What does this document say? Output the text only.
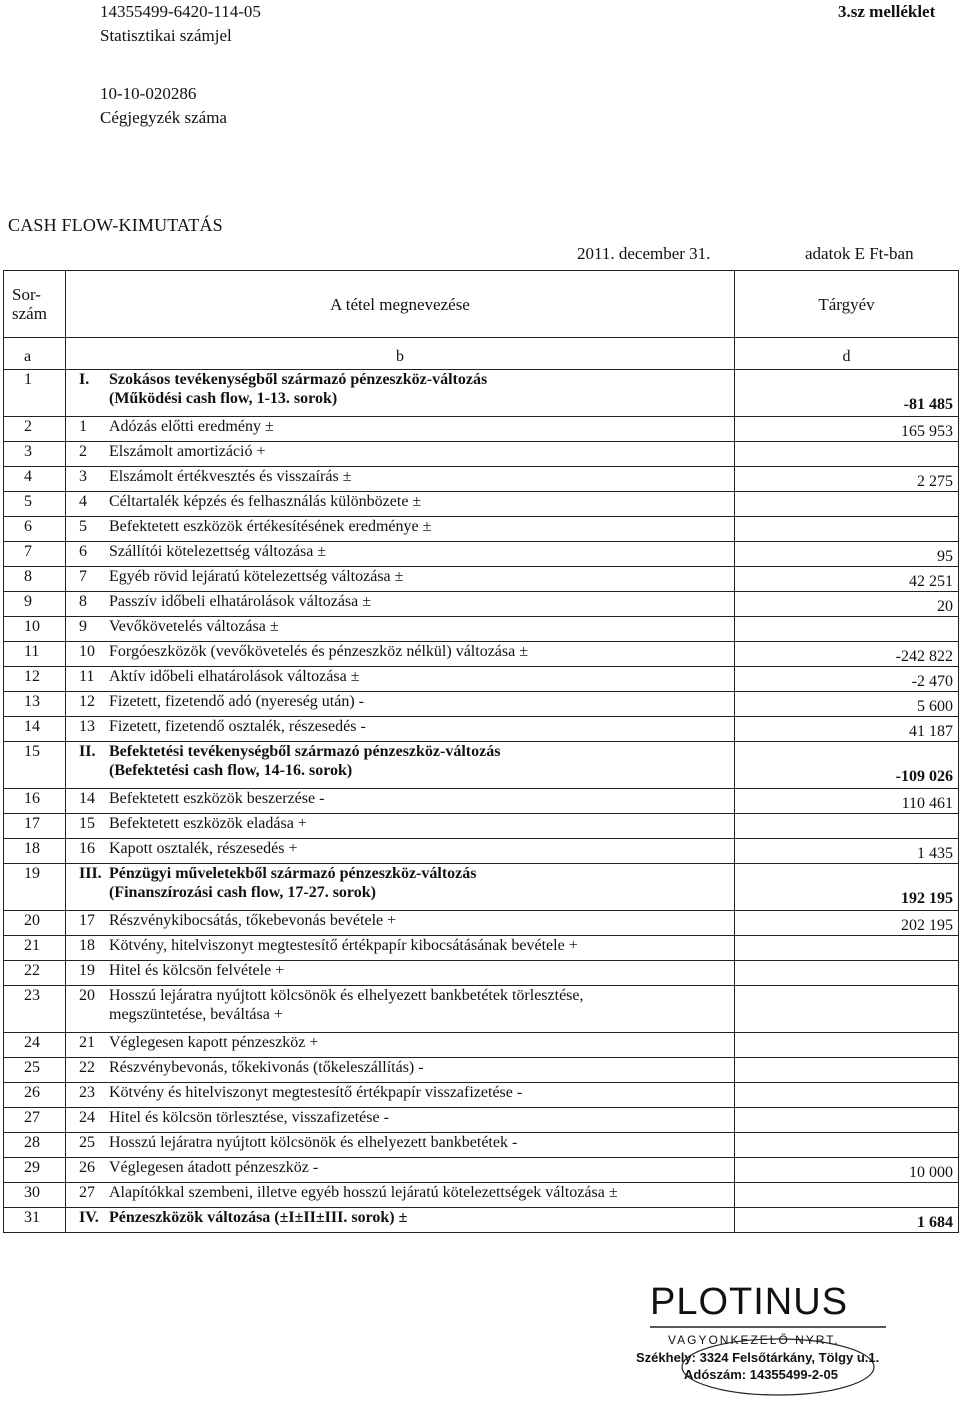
14355499-6420-114-05
Statisztikai számjel
10-10-020286
Cégjegyzék száma
3.sz melléklet
CASH FLOW-KIMUTATÁS
2011. december 31.	adatok E Ft-ban
Sor-
szám	A tétel megnevezése	Tárgyév
a	b	d
1	I. Szokásos tevékenységből származó pénzeszköz-változás
(Működési cash flow, 1-13. sorok)	-81 485
2	1 Adózás előtti eredmény ±	165 953
3	2 Elszámolt amortizáció +	

4	3 Elszámolt értékvesztés és visszaírás ±	2 275
5	4 Céltartalék képzés és felhasználás különbözete ±	

6	5 Befektetett eszközök értékesítésének eredménye ±	

7	6 Szállítói kötelezettség változása ±	95
8	7 Egyéb rövid lejáratú kötelezettség változása ±	42 251
9	8 Passzív időbeli elhatárolások változása ±	20
10	9 Vevőkövetelés változása ±	

11	10 Forgóeszközök (vevőkövetelés és pénzeszköz nélkül) változása ±	-242 822
12	11 Aktív időbeli elhatárolások változása ±	-2 470
13	12 Fizetett, fizetendő adó (nyereség után) -	5 600
14	13 Fizetett, fizetendő osztalék, részesedés -	41 187
15	II. Befektetési tevékenységből származó pénzeszköz-változás
(Befektetési cash flow, 14-16. sorok)	-109 026
16	14 Befektetett eszközök beszerzése -	110 461
17	15 Befektetett eszközök eladása +	

18	16 Kapott osztalék, részesedés +	1 435
19	III. Pénzügyi műveletekből származó pénzeszköz-változás
(Finanszírozási cash flow, 17-27. sorok)	192 195
20	17 Részvénykibocsátás, tőkebevonás bevétele +	202 195
21	18 Kötvény, hitelviszonyt megtestesítő értékpapír kibocsátásának bevétele +	

22	19 Hitel és kölcsön felvétele +	

23	20 Hosszú lejáratra nyújtott kölcsönök és elhelyezett bankbetétek törlesztése,
megszüntetése, beváltása +	

24	21 Véglegesen kapott pénzeszköz +	

25	22 Részvénybevonás, tőkekivonás (tőkeleszállítás) -	

26	23 Kötvény és hitelviszonyt megtestesítő értékpapír visszafizetése -	

27	24 Hitel és kölcsön törlesztése, visszafizetése -	

28	25 Hosszú lejáratra nyújtott kölcsönök és elhelyezett bankbetétek -	

29	26 Véglegesen átadott pénzeszköz -	10 000
30	27 Alapítókkal szembeni, illetve egyéb hosszú lejáratú kötelezettségek változása ±	

31	IV. Pénzeszközök változása (±I±II±III. sorok) ±	1 684
PLOTINUS
VAGYONKEZELŐ NYRT.
Székhely: 3324 Felsőtárkány, Tölgy u.1.
Adószám: 14355499-2-05
